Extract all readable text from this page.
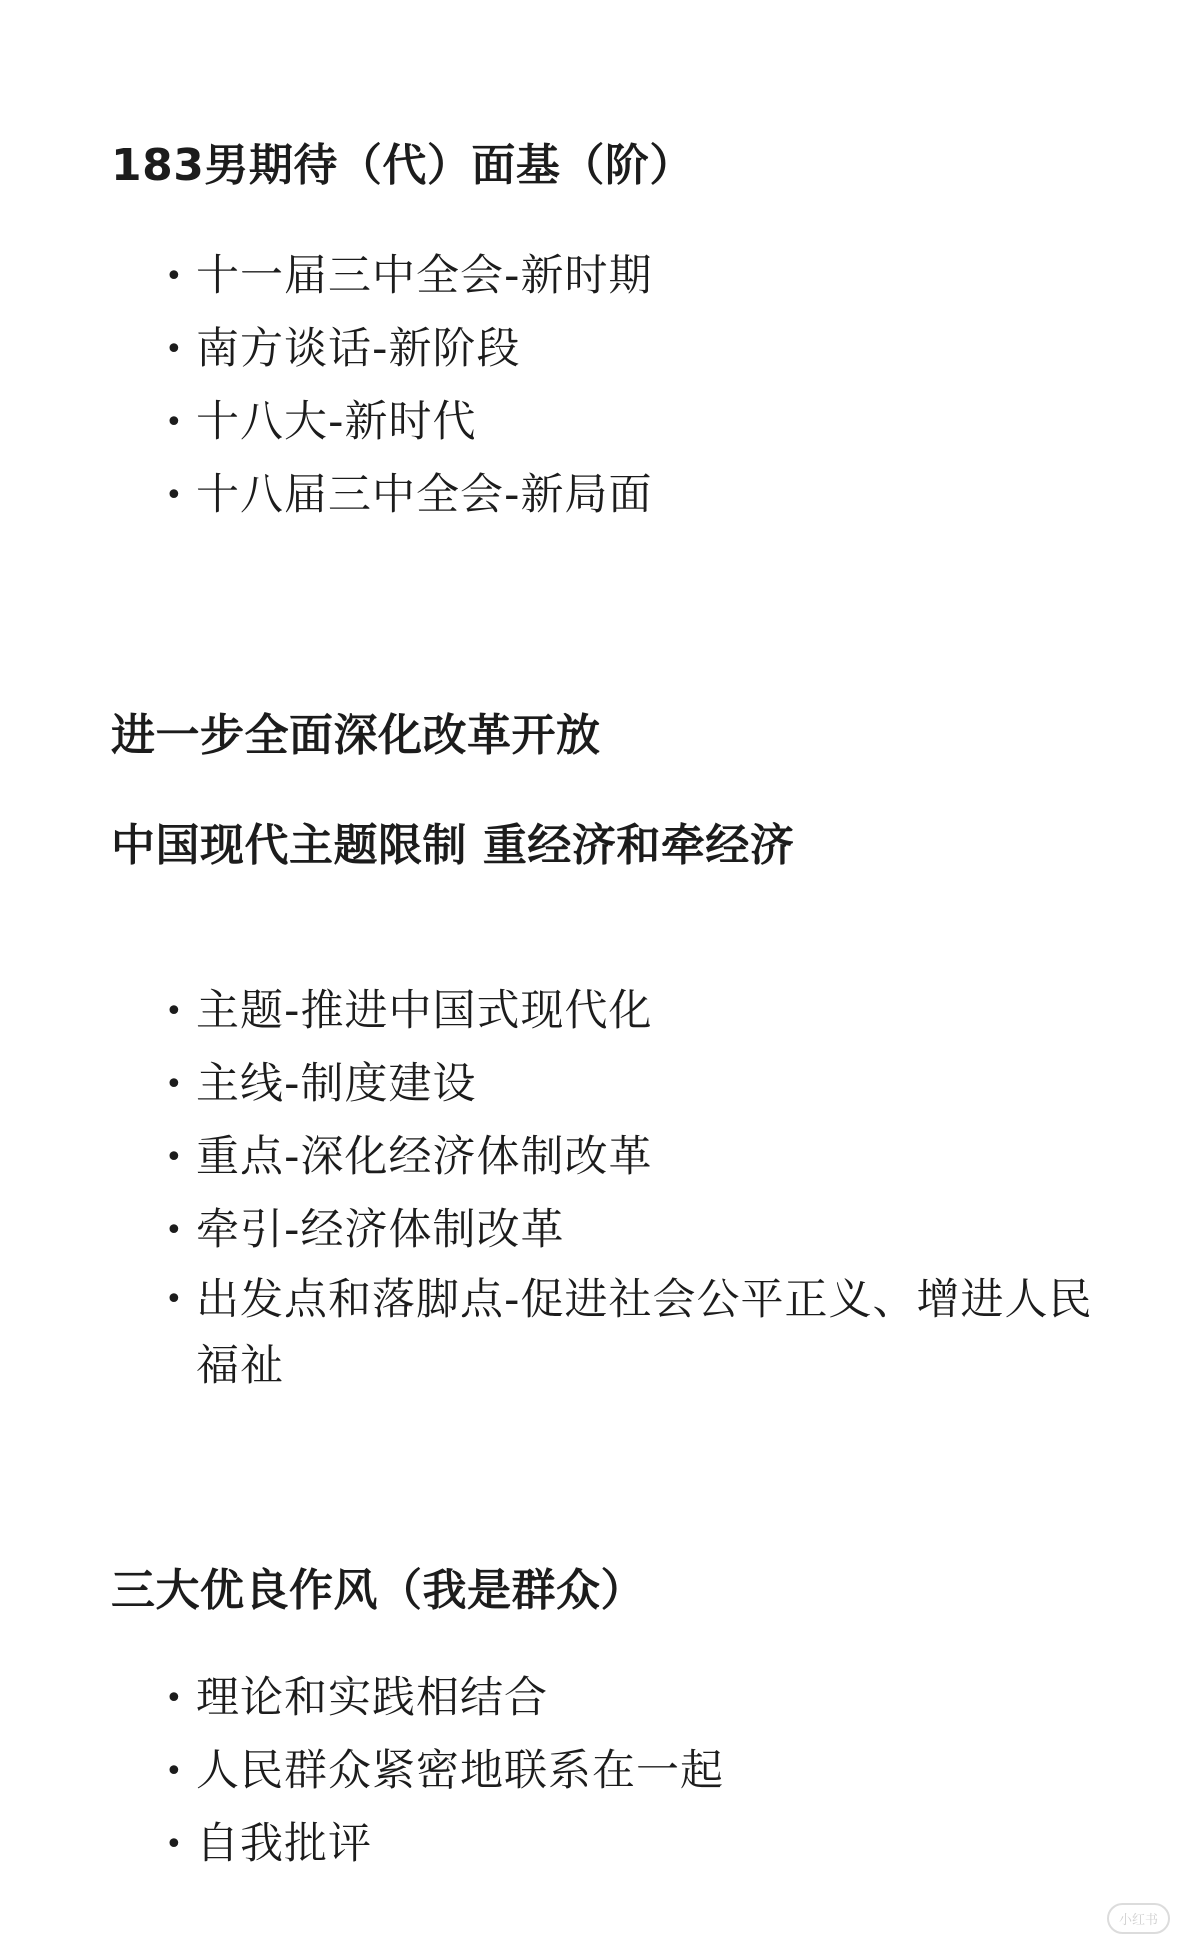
183男期待（代）面基（阶）
• 十一届三中全会-新时期
• 南方谈话-新阶段
• 十八大-新时代
• 十八届三中全会-新局面
进一步全面深化改革开放
中国现代主题限制 重经济和牵经济
• 主题-推进中国式现代化
• 主线-制度建设
• 重点-深化经济体制改革
• 牵引-经济体制改革
• 出发点和落脚点-促进社会公平正义、增进人民福祉
三大优良作风（我是群众）
• 理论和实践相结合
• 人民群众紧密地联系在一起
• 自我批评
小红书
